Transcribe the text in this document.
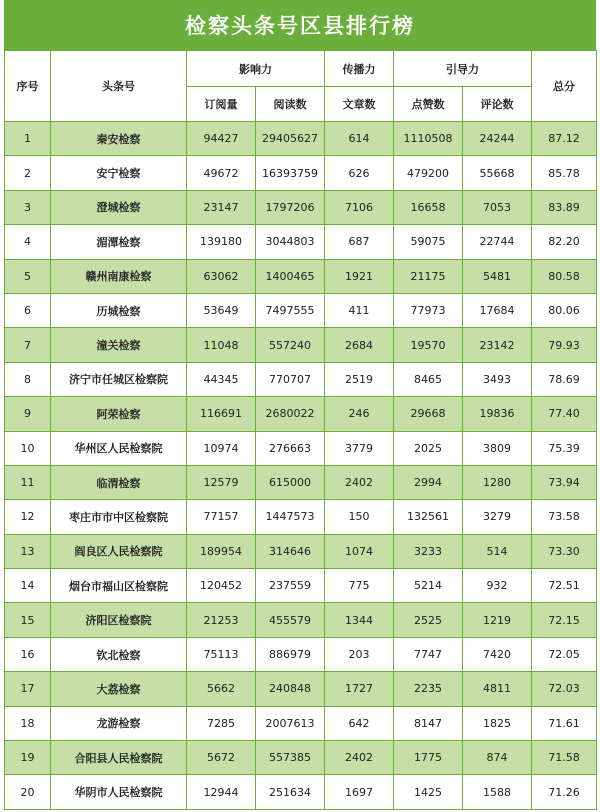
检察头条号区县排行榜
序号	头条号	影响力		传播力	引导力		总分
		订阅量	阅读数	文章数	点赞数	评论数	
1	秦安检察	94427	29405627	614	1110508	24244	87.12
2	安宁检察	49672	16393759	626	479200	55668	85.78
3	澄城检察	23147	1797206	7106	16658	7053	83.89
4	湄潭检察	139180	3044803	687	59075	22744	82.20
5	赣州南康检察	63062	1400465	1921	21175	5481	80.58
6	历城检察	53649	7497555	411	77973	17684	80.06
7	潼关检察	11048	557240	2684	19570	23142	79.93
8	济宁市任城区检察院	44345	770707	2519	8465	3493	78.69
9	阿荣检察	116691	2680022	246	29668	19836	77.40
10	华州区人民检察院	10974	276663	3779	2025	3809	75.39
11	临渭检察	12579	615000	2402	2994	1280	73.94
12	枣庄市市中区检察院	77157	1447573	150	132561	3279	73.58
13	阎良区人民检察院	189954	314646	1074	3233	514	73.30
14	烟台市福山区检察院	120452	237559	775	5214	932	72.51
15	济阳区检察院	21253	455579	1344	2525	1219	72.15
16	钦北检察	75113	886979	203	7747	7420	72.05
17	大荔检察	5662	240848	1727	2235	4811	72.03
18	龙游检察	7285	2007613	642	8147	1825	71.61
19	合阳县人民检察院	5672	557385	2402	1775	874	71.58
20	华阴市人民检察院	12944	251634	1697	1425	1588	71.26
